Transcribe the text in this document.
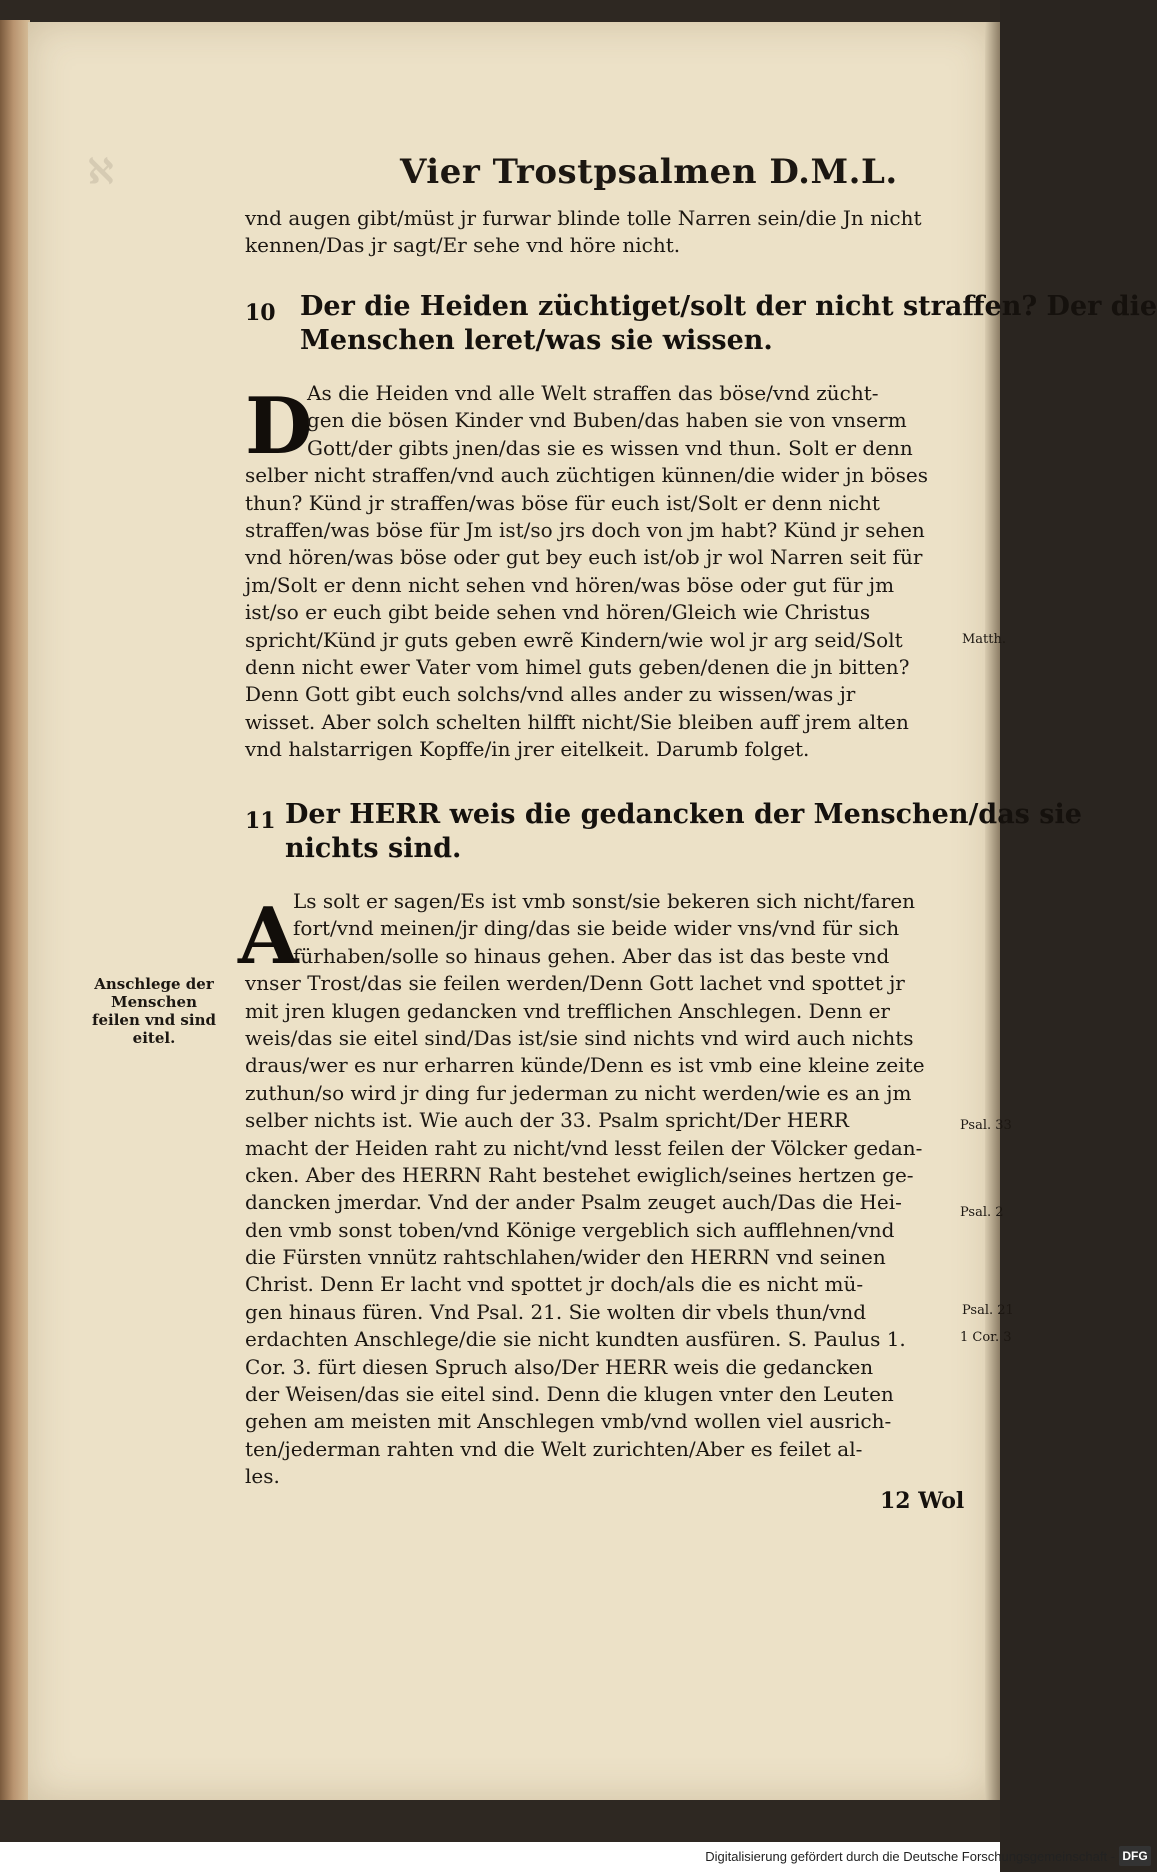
ℵ	Vier Trostpsalmen D.M.L.
vnd augen gibt/müst jr furwar blinde tolle Narren sein/die Jn nicht
kennen/Das jr sagt/Er sehe vnd höre nicht.
10 Der die Heiden züchtiget/solt der nicht straffen? Der die
Menschen leret/was sie wissen.
D
As die Heiden vnd alle Welt straffen das böse/vnd zücht-
gen die bösen Kinder vnd Buben/das haben sie von vnserm
Gott/der gibts jnen/das sie es wissen vnd thun. Solt er denn
selber nicht straffen/vnd auch züchtigen künnen/die wider jn böses
thun? Künd jr straffen/was böse für euch ist/Solt er denn nicht
straffen/was böse für Jm ist/so jrs doch von jm habt? Künd jr sehen
vnd hören/was böse oder gut bey euch ist/ob jr wol Narren seit für
jm/Solt er denn nicht sehen vnd hören/was böse oder gut für jm
ist/so er euch gibt beide sehen vnd hören/Gleich wie Christus
spricht/Künd jr guts geben ewrẽ Kindern/wie wol jr arg seid/Solt
denn nicht ewer Vater vom himel guts geben/denen die jn bitten?
Denn Gott gibt euch solchs/vnd alles ander zu wissen/was jr
wisset. Aber solch schelten hilfft nicht/Sie bleiben auff jrem alten
vnd halstarrigen Kopffe/in jrer eitelkeit. Darumb folget.
Matth.
11 Der HERR weis die gedancken der Menschen/das sie
nichts sind.
A
Ls solt er sagen/Es ist vmb sonst/sie bekeren sich nicht/faren
fort/vnd meinen/jr ding/das sie beide wider vns/vnd für sich
fürhaben/solle so hinaus gehen. Aber das ist das beste vnd
vnser Trost/das sie feilen werden/Denn Gott lachet vnd spottet jr
mit jren klugen gedancken vnd trefflichen Anschlegen. Denn er
weis/das sie eitel sind/Das ist/sie sind nichts vnd wird auch nichts
draus/wer es nur erharren künde/Denn es ist vmb eine kleine zeite
zuthun/so wird jr ding fur jederman zu nicht werden/wie es an jm
selber nichts ist. Wie auch der 33. Psalm spricht/Der HERR
macht der Heiden raht zu nicht/vnd lesst feilen der Völcker gedan-
cken. Aber des HERRN Raht bestehet ewiglich/seines hertzen ge-
dancken jmerdar. Vnd der ander Psalm zeuget auch/Das die Hei-
den vmb sonst toben/vnd Könige vergeblich sich aufflehnen/vnd
die Fürsten vnnütz rahtschlahen/wider den HERRN vnd seinen
Christ. Denn Er lacht vnd spottet jr doch/als die es nicht mü-
gen hinaus füren. Vnd Psal. 21. Sie wolten dir vbels thun/vnd
erdachten Anschlege/die sie nicht kundten ausfüren. S. Paulus 1.
Cor. 3. fürt diesen Spruch also/Der HERR weis die gedancken
der Weisen/das sie eitel sind. Denn die klugen vnter den Leuten
gehen am meisten mit Anschlegen vmb/vnd wollen viel ausrich-
ten/jederman rahten vnd die Welt zurichten/Aber es feilet al-
les.
Anschlege der Menschen feilen vnd sind eitel.
Psal. 33
Psal. 2
Psal. 21
1 Cor. 3
12 Wol
Digitalisierung gefördert durch die Deutsche Forschungsgemeinschaft - DFG
